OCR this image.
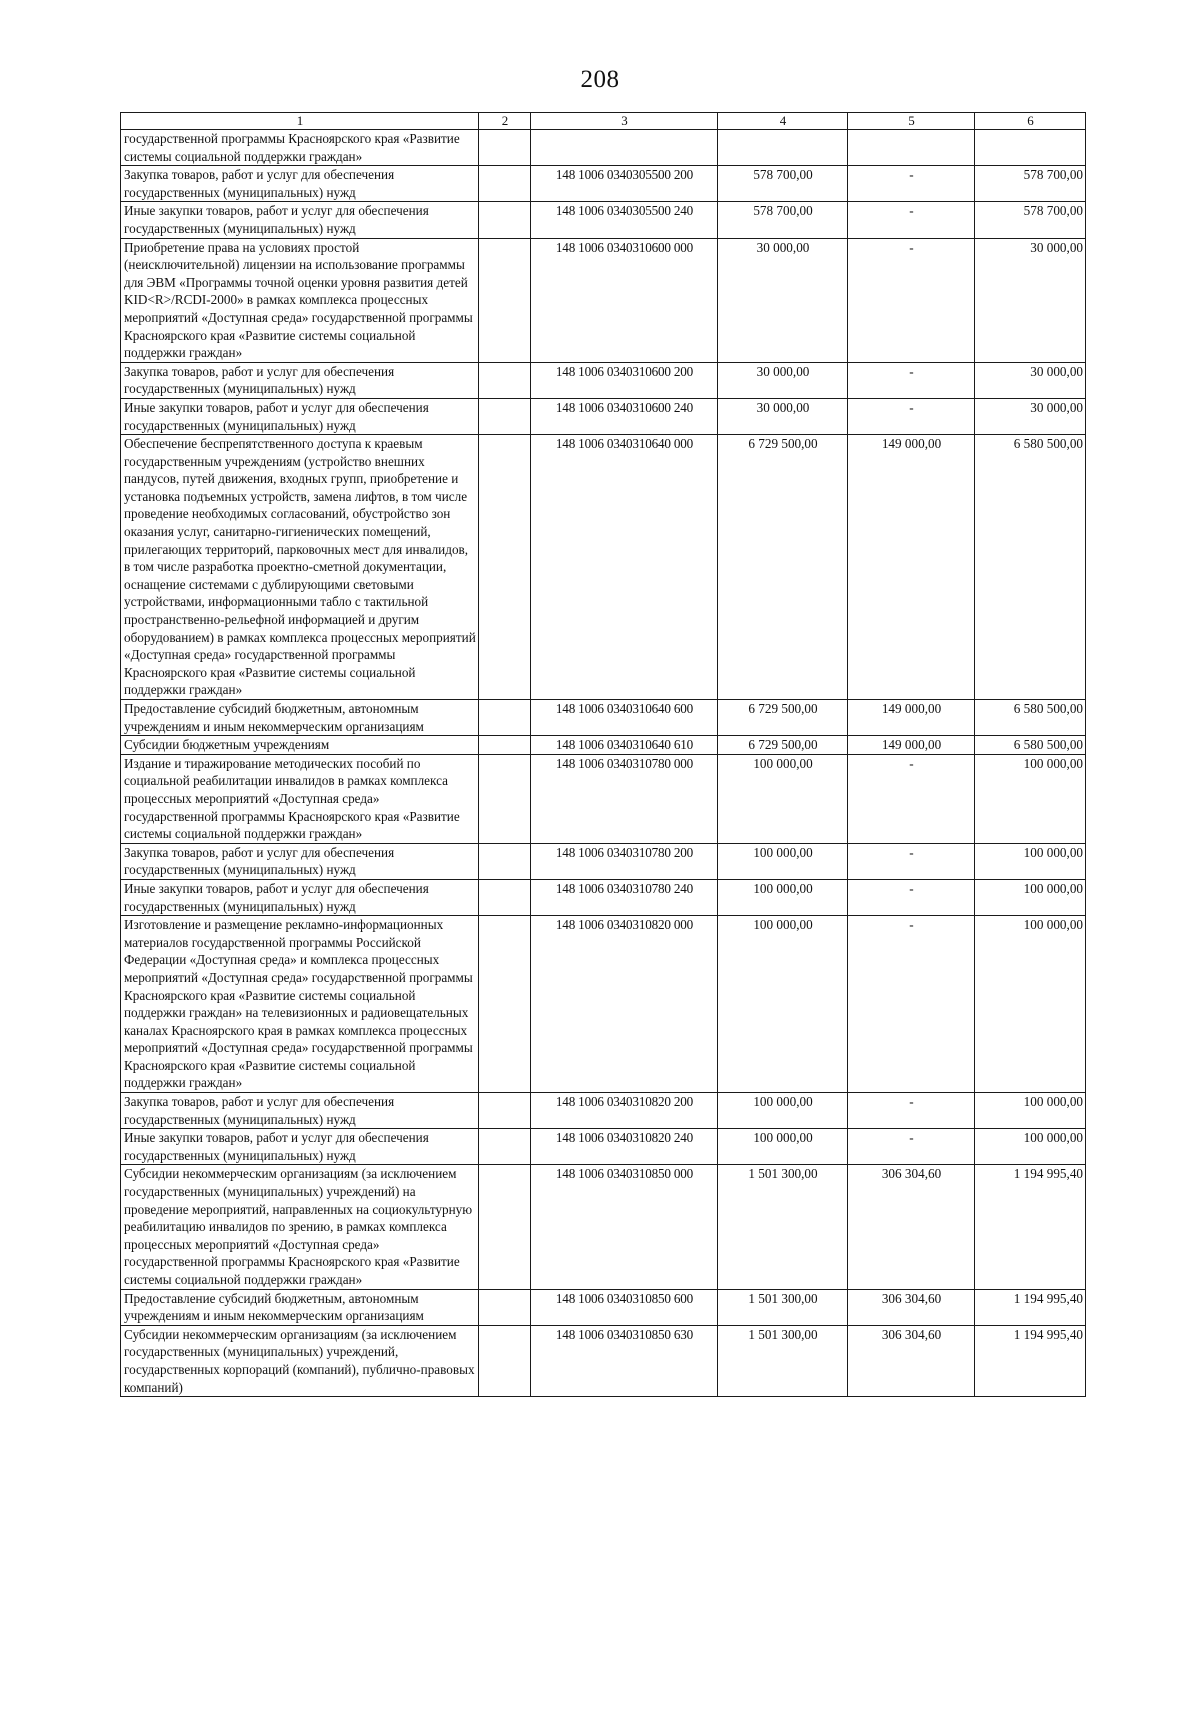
208
1	2	3	4	5	6
государственной программы Красноярского края «Развитие системы социальной поддержки граждан»					
Закупка товаров, работ и услуг для обеспечения государственных (муниципальных) нужд		148 1006 0340305500 200	578 700,00	-	578 700,00
Иные закупки товаров, работ и услуг для обеспечения государственных (муниципальных) нужд		148 1006 0340305500 240	578 700,00	-	578 700,00
Приобретение права на условиях простой (неисключительной) лицензии на использование программы для ЭВМ «Программы точной оценки уровня развития детей KID<R>/RCDI-2000» в рамках комплекса процессных мероприятий «Доступная среда» государственной программы Красноярского края «Развитие системы социальной поддержки граждан»		148 1006 0340310600 000	30 000,00	-	30 000,00
Закупка товаров, работ и услуг для обеспечения государственных (муниципальных) нужд		148 1006 0340310600 200	30 000,00	-	30 000,00
Иные закупки товаров, работ и услуг для обеспечения государственных (муниципальных) нужд		148 1006 0340310600 240	30 000,00	-	30 000,00
Обеспечение беспрепятственного доступа к краевым государственным учреждениям (устройство внешних пандусов, путей движения, входных групп, приобретение и установка подъемных устройств, замена лифтов, в том числе проведение необходимых согласований, обустройство зон оказания услуг, санитарно-гигиенических помещений, прилегающих территорий, парковочных мест для инвалидов, в том числе разработка проектно-сметной документации, оснащение системами с дублирующими световыми устройствами, информационными табло с тактильной пространственно-рельефной информацией и другим оборудованием) в рамках комплекса процессных мероприятий «Доступная среда» государственной программы Красноярского края «Развитие системы социальной поддержки граждан»		148 1006 0340310640 000	6 729 500,00	149 000,00	6 580 500,00
Предоставление субсидий бюджетным, автономным учреждениям и иным некоммерческим организациям		148 1006 0340310640 600	6 729 500,00	149 000,00	6 580 500,00
Субсидии бюджетным учреждениям		148 1006 0340310640 610	6 729 500,00	149 000,00	6 580 500,00
Издание и тиражирование методических пособий по социальной реабилитации инвалидов в рамках комплекса процессных мероприятий «Доступная среда» государственной программы Красноярского края «Развитие системы социальной поддержки граждан»		148 1006 0340310780 000	100 000,00	-	100 000,00
Закупка товаров, работ и услуг для обеспечения государственных (муниципальных) нужд		148 1006 0340310780 200	100 000,00	-	100 000,00
Иные закупки товаров, работ и услуг для обеспечения государственных (муниципальных) нужд		148 1006 0340310780 240	100 000,00	-	100 000,00
Изготовление и размещение рекламно-информационных материалов государственной программы Российской Федерации «Доступная среда» и комплекса процессных мероприятий «Доступная среда» государственной программы Красноярского края «Развитие системы социальной поддержки граждан» на телевизионных и радиовещательных каналах Красноярского края в рамках комплекса процессных мероприятий «Доступная среда» государственной программы Красноярского края «Развитие системы социальной поддержки граждан»		148 1006 0340310820 000	100 000,00	-	100 000,00
Закупка товаров, работ и услуг для обеспечения государственных (муниципальных) нужд		148 1006 0340310820 200	100 000,00	-	100 000,00
Иные закупки товаров, работ и услуг для обеспечения государственных (муниципальных) нужд		148 1006 0340310820 240	100 000,00	-	100 000,00
Субсидии некоммерческим организациям (за исключением государственных (муниципальных) учреждений) на проведение мероприятий, направленных на социокультурную реабилитацию инвалидов по зрению, в рамках комплекса процессных мероприятий «Доступная среда» государственной программы Красноярского края «Развитие системы социальной поддержки граждан»		148 1006 0340310850 000	1 501 300,00	306 304,60	1 194 995,40
Предоставление субсидий бюджетным, автономным учреждениям и иным некоммерческим организациям		148 1006 0340310850 600	1 501 300,00	306 304,60	1 194 995,40
Субсидии некоммерческим организациям (за исключением государственных (муниципальных) учреждений, государственных корпораций (компаний), публично-правовых компаний)		148 1006 0340310850 630	1 501 300,00	306 304,60	1 194 995,40
